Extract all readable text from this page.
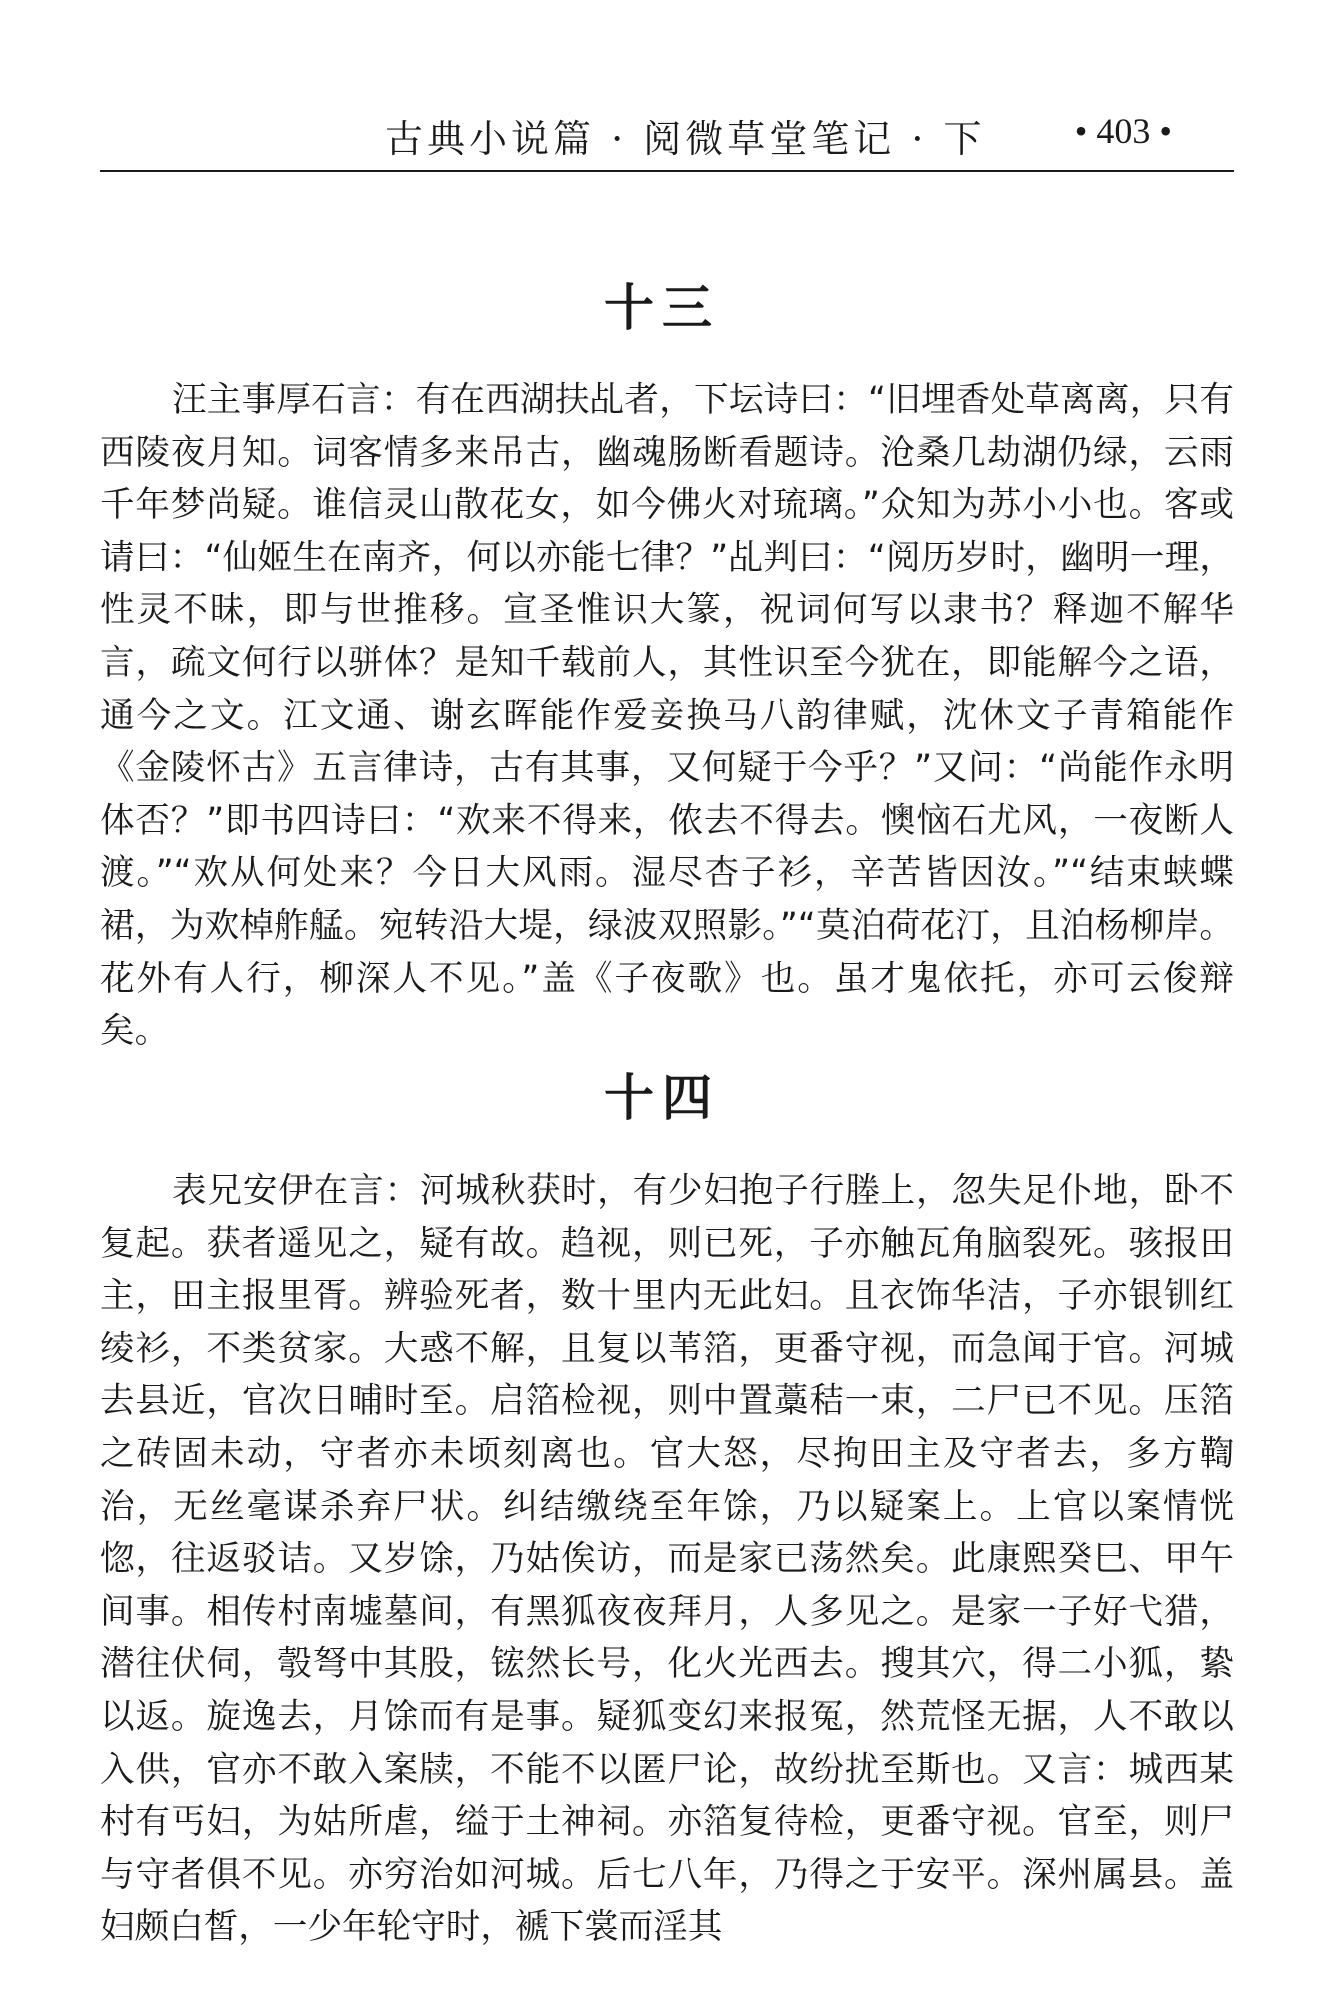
古典小说篇 · 阅微草堂笔记 · 下 • 403 •
十三

汪主事厚石言：有在西湖扶乩者，下坛诗曰：“旧埋香处草离离，只有西陵夜月知。词客情多来吊古，幽魂肠断看题诗。沧桑几劫湖仍绿，云雨千年梦尚疑。谁信灵山散花女，如今佛火对琉璃。”众知为苏小小也。客或请曰：“仙姬生在南齐，何以亦能七律？”乩判曰：“阅历岁时，幽明一理，性灵不昧，即与世推移。宣圣惟识大篆，祝词何写以隶书？释迦不解华言，疏文何行以骈体？是知千载前人，其性识至今犹在，即能解今之语，通今之文。江文通、谢玄晖能作爱妾换马八韵律赋，沈休文子青箱能作《金陵怀古》五言律诗，古有其事，又何疑于今乎？”又问：“尚能作永明体否？”即书四诗曰：“欢来不得来，侬去不得去。懊恼石尤风，一夜断人渡。”“欢从何处来？今日大风雨。湿尽杏子衫，辛苦皆因汝。”“结束蛱蝶裙，为欢棹舴艋。宛转沿大堤，绿波双照影。”“莫泊荷花汀，且泊杨柳岸。花外有人行，柳深人不见。”盖《子夜歌》也。虽才鬼依托，亦可云俊辩矣。

十四

表兄安伊在言：河城秋获时，有少妇抱子行塍上，忽失足仆地，卧不复起。获者遥见之，疑有故。趋视，则已死，子亦触瓦角脑裂死。骇报田主，田主报里胥。辨验死者，数十里内无此妇。且衣饰华洁，子亦银钏红绫衫，不类贫家。大惑不解，且复以苇箔，更番守视，而急闻于官。河城去县近，官次日晡时至。启箔检视，则中置藁秸一束，二尸已不见。压箔之砖固未动，守者亦未顷刻离也。官大怒，尽拘田主及守者去，多方鞫治，无丝毫谋杀弃尸状。纠结缴绕至年馀，乃以疑案上。上官以案情恍惚，往返驳诘。又岁馀，乃姑俟访，而是家已荡然矣。此康熙癸巳、甲午间事。相传村南墟墓间，有黑狐夜夜拜月，人多见之。是家一子好弋猎，潜往伏伺，彀弩中其股，𬭎然长号，化火光西去。搜其穴，得二小狐，絷以返。旋逸去，月馀而有是事。疑狐变幻来报冤，然荒怪无据，人不敢以入供，官亦不敢入案牍，不能不以匿尸论，故纷扰至斯也。又言：城西某村有丐妇，为姑所虐，缢于土神祠。亦箔复待检，更番守视。官至，则尸与守者俱不见。亦穷治如河城。后七八年，乃得之于安平。深州属县。盖妇颇白皙，一少年轮守时，褫下裳而淫其
